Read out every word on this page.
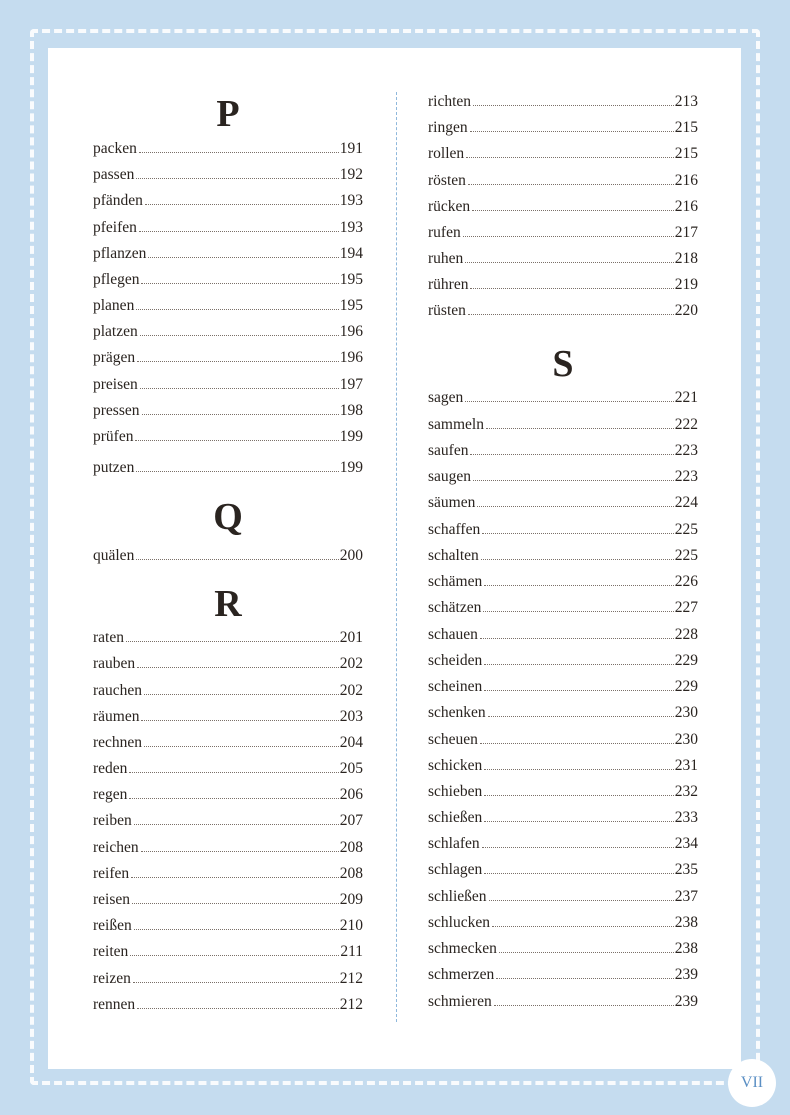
P
packen	191
passen	192
pfänden	193
pfeifen	193
pflanzen	194
pflegen	195
planen	195
platzen	196
prägen	196
preisen	197
pressen	198
prüfen	199
putzen	199
Q
quälen	200
R
raten	201
rauben	202
rauchen	202
räumen	203
rechnen	204
reden	205
regen	206
reiben	207
reichen	208
reifen	208
reisen	209
reißen	210
reiten	211
reizen	212
rennen	212
richten	213
ringen	215
rollen	215
rösten	216
rücken	216
rufen	217
ruhen	218
rühren	219
rüsten	220
S
sagen	221
sammeln	222
saufen	223
saugen	223
säumen	224
schaffen	225
schalten	225
schämen	226
schätzen	227
schauen	228
scheiden	229
scheinen	229
schenken	230
scheuen	230
schicken	231
schieben	232
schießen	233
schlafen	234
schlagen	235
schließen	237
schlucken	238
schmecken	238
schmerzen	239
schmieren	239
VII
